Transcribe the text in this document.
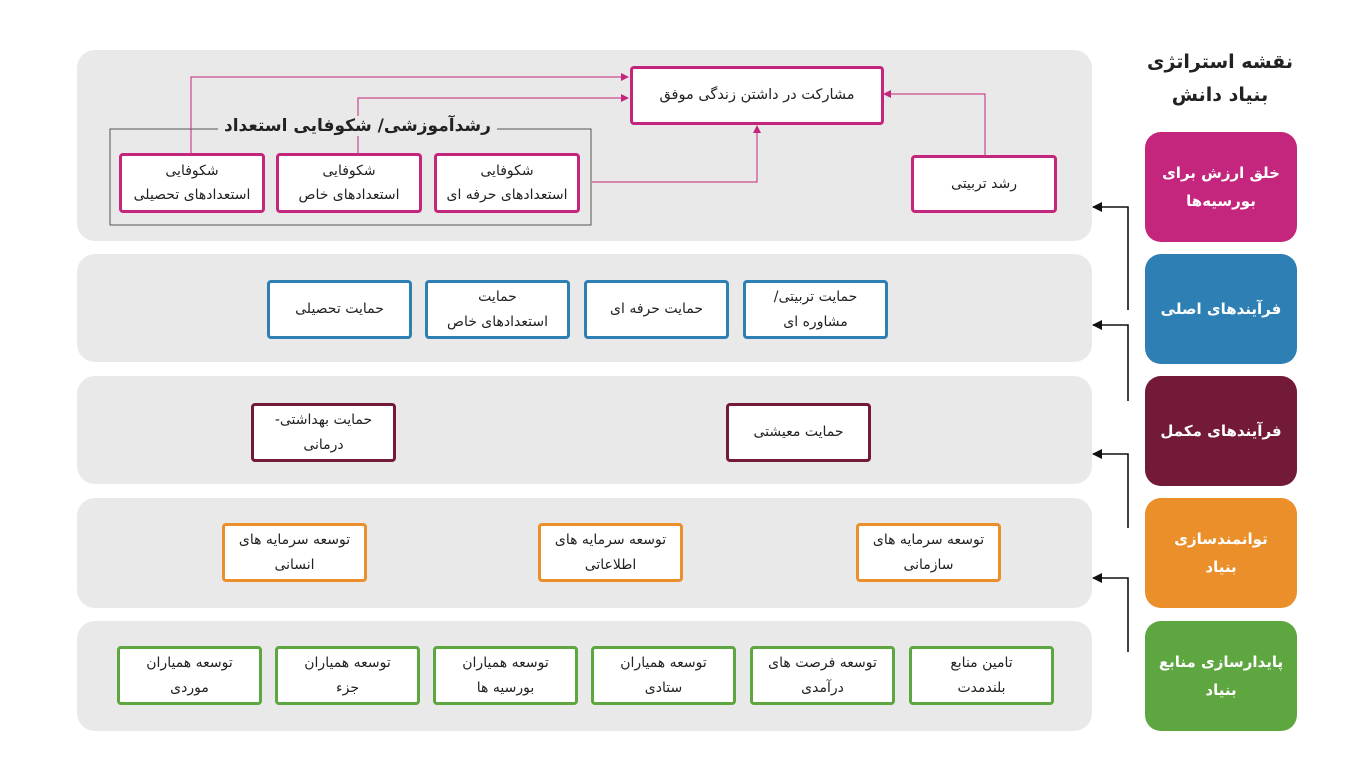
نقشه استراتژی
بنیاد دانش
خلق ارزش برای
بورسیه‌ها
فرآیندهای اصلی
فرآیندهای مکمل
توانمندسازی
بنیاد
پایدارسازی منابع
بنیاد
مشارکت در داشتن زندگی موفق
رشدآموزشی/ شکوفایی استعداد
رشد تربیتی
شکوفایی
استعدادهای حرفه ای
شکوفایی
استعدادهای خاص
شکوفایی
استعدادهای تحصیلی
حمایت تربیتی/
مشاوره ای
حمایت حرفه ای
حمایت
استعدادهای خاص
حمایت تحصیلی
حمایت معیشتی
حمایت بهداشتی-
درمانی
توسعه سرمایه های
سازمانی
توسعه سرمایه های
اطلاعاتی
توسعه سرمایه های
انسانی
تامین منابع
بلندمدت
توسعه فرصت های
درآمدی
توسعه همیاران
ستادی
توسعه همیاران
بورسیه ها
توسعه همیاران
جزء
توسعه همیاران
موردی
